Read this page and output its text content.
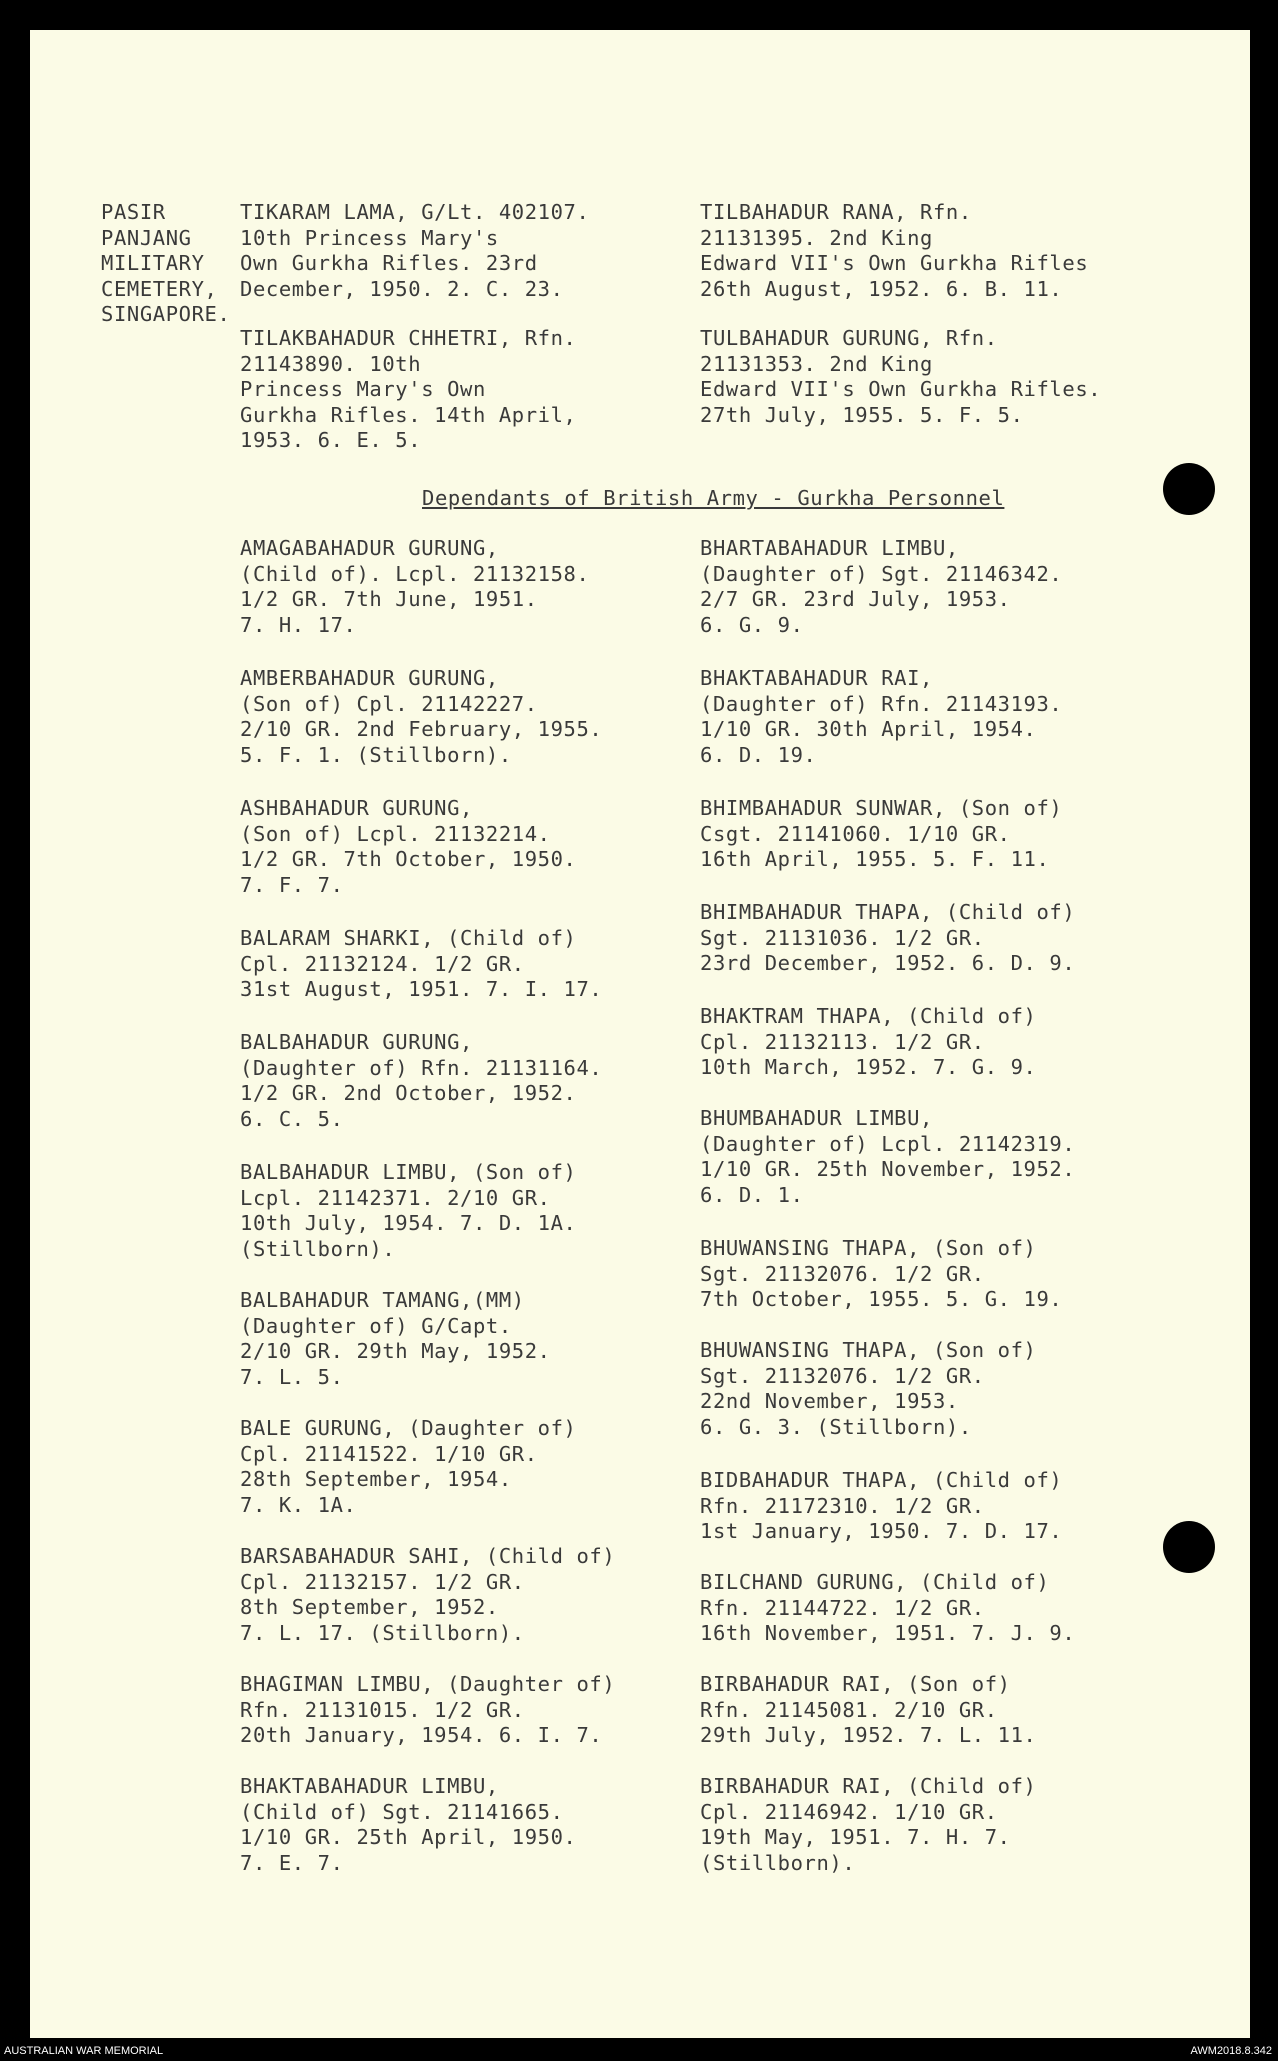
PASIR
PANJANG
MILITARY
CEMETERY,
SINGAPORE.
TIKARAM LAMA, G/Lt. 402107.
10th Princess Mary's
Own Gurkha Rifles. 23rd
December, 1950. 2. C. 23.
TILAKBAHADUR CHHETRI, Rfn.
21143890. 10th
Princess Mary's Own
Gurkha Rifles. 14th April,
1953. 6. E. 5.
TILBAHADUR RANA, Rfn.
21131395. 2nd King
Edward VII's Own Gurkha Rifles
26th August, 1952. 6. B. 11.
TULBAHADUR GURUNG, Rfn.
21131353. 2nd King
Edward VII's Own Gurkha Rifles.
27th July, 1955. 5. F. 5.
Dependants of British Army - Gurkha Personnel
AMAGABAHADUR GURUNG,
(Child of). Lcpl. 21132158.
1/2 GR. 7th June, 1951.
7. H. 17.
AMBERBAHADUR GURUNG,
(Son of) Cpl. 21142227.
2/10 GR. 2nd February, 1955.
5. F. 1. (Stillborn).
ASHBAHADUR GURUNG,
(Son of) Lcpl. 21132214.
1/2 GR. 7th October, 1950.
7. F. 7.
BALARAM SHARKI, (Child of)
Cpl. 21132124. 1/2 GR.
31st August, 1951. 7. I. 17.
BALBAHADUR GURUNG,
(Daughter of) Rfn. 21131164.
1/2 GR. 2nd October, 1952.
6. C. 5.
BALBAHADUR LIMBU, (Son of)
Lcpl. 21142371. 2/10 GR.
10th July, 1954. 7. D. 1A.
(Stillborn).
BALBAHADUR TAMANG,(MM)
(Daughter of) G/Capt.
2/10 GR. 29th May, 1952.
7. L. 5.
BALE GURUNG, (Daughter of)
Cpl. 21141522. 1/10 GR.
28th September, 1954.
7. K. 1A.
BARSABAHADUR SAHI, (Child of)
Cpl. 21132157. 1/2 GR.
8th September, 1952.
7. L. 17. (Stillborn).
BHAGIMAN LIMBU, (Daughter of)
Rfn. 21131015. 1/2 GR.
20th January, 1954. 6. I. 7.
BHAKTABAHADUR LIMBU,
(Child of) Sgt. 21141665.
1/10 GR. 25th April, 1950.
7. E. 7.
BHARTABAHADUR LIMBU,
(Daughter of) Sgt. 21146342.
2/7 GR. 23rd July, 1953.
6. G. 9.
BHAKTABAHADUR RAI,
(Daughter of) Rfn. 21143193.
1/10 GR. 30th April, 1954.
6. D. 19.
BHIMBAHADUR SUNWAR, (Son of)
Csgt. 21141060. 1/10 GR.
16th April, 1955. 5. F. 11.
BHIMBAHADUR THAPA, (Child of)
Sgt. 21131036. 1/2 GR.
23rd December, 1952. 6. D. 9.
BHAKTRAM THAPA, (Child of)
Cpl. 21132113. 1/2 GR.
10th March, 1952. 7. G. 9.
BHUMBAHADUR LIMBU,
(Daughter of) Lcpl. 21142319.
1/10 GR. 25th November, 1952.
6. D. 1.
BHUWANSING THAPA, (Son of)
Sgt. 21132076. 1/2 GR.
7th October, 1955. 5. G. 19.
BHUWANSING THAPA, (Son of)
Sgt. 21132076. 1/2 GR.
22nd November, 1953.
6. G. 3. (Stillborn).
BIDBAHADUR THAPA, (Child of)
Rfn. 21172310. 1/2 GR.
1st January, 1950. 7. D. 17.
BILCHAND GURUNG, (Child of)
Rfn. 21144722. 1/2 GR.
16th November, 1951. 7. J. 9.
BIRBAHADUR RAI, (Son of)
Rfn. 21145081. 2/10 GR.
29th July, 1952. 7. L. 11.
BIRBAHADUR RAI, (Child of)
Cpl. 21146942. 1/10 GR.
19th May, 1951. 7. H. 7.
(Stillborn).
AUSTRALIAN WAR MEMORIAL	AWM2018.8.342
